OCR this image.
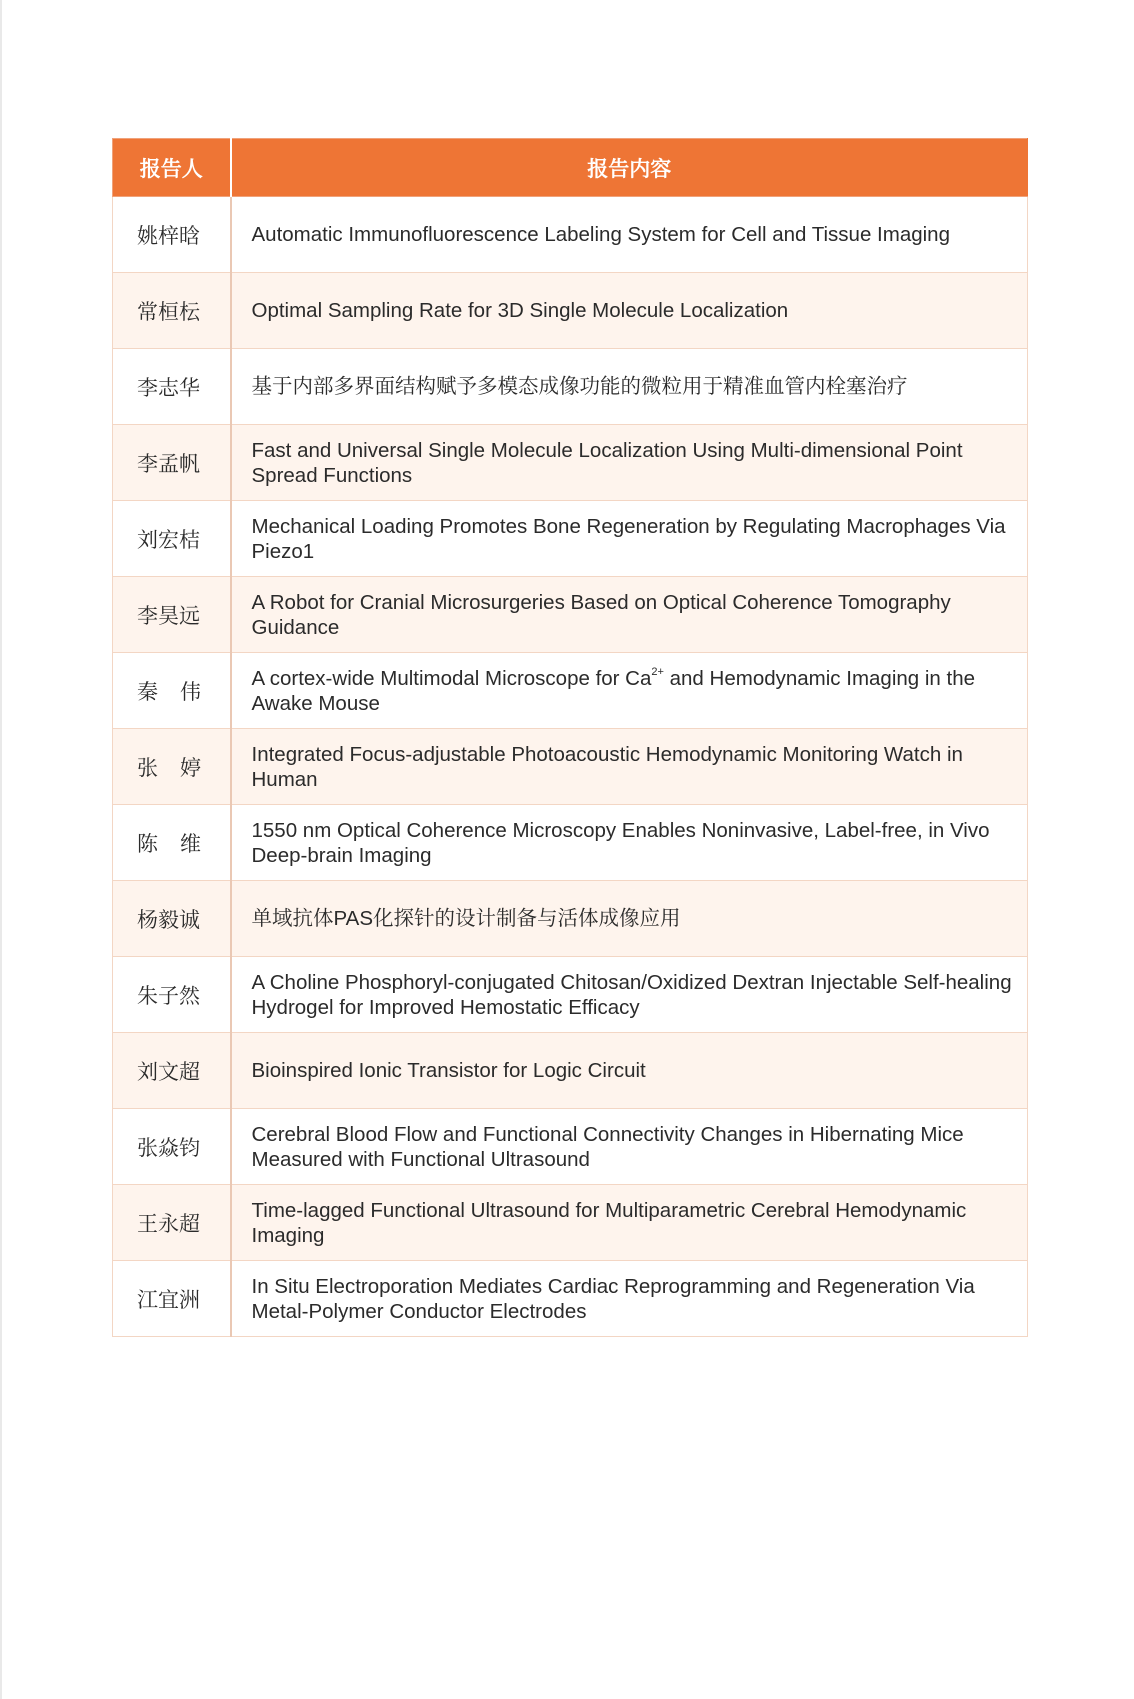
报告人	报告内容
姚梓晗	Automatic Immunofluorescence Labeling System for Cell and Tissue Imaging
常桓枟	Optimal Sampling Rate for 3D Single Molecule Localization
李志华	基于内部多界面结构赋予多模态成像功能的微粒用于精准血管内栓塞治疗
李孟帆	Fast and Universal Single Molecule Localization Using Multi-dimensional Point Spread Functions
刘宏桔	Mechanical Loading Promotes Bone Regeneration by Regulating Macrophages Via Piezo1
李昊远	A Robot for Cranial Microsurgeries Based on Optical Coherence Tomography Guidance
秦伟	A cortex-wide Multimodal Microscope for $Ca^{2+}$ and Hemodynamic Imaging in the Awake Mouse
张婷	Integrated Focus-adjustable Photoacoustic Hemodynamic Monitoring Watch in Human
陈维	1550 nm Optical Coherence Microscopy Enables Noninvasive, Label-free, in Vivo Deep-brain Imaging
杨毅诚	单域抗体PAS化探针的设计制备与活体成像应用
朱子然	A Choline Phosphoryl-conjugated Chitosan/Oxidized Dextran Injectable Self-healing Hydrogel for Improved Hemostatic Efficacy
刘文超	Bioinspired Ionic Transistor for Logic Circuit
张焱钧	Cerebral Blood Flow and Functional Connectivity Changes in Hibernating Mice Measured with Functional Ultrasound
王永超	Time-lagged Functional Ultrasound for Multiparametric Cerebral Hemodynamic Imaging
江宜洲	In Situ Electroporation Mediates Cardiac Reprogramming and Regeneration Via Metal-Polymer Conductor Electrodes
